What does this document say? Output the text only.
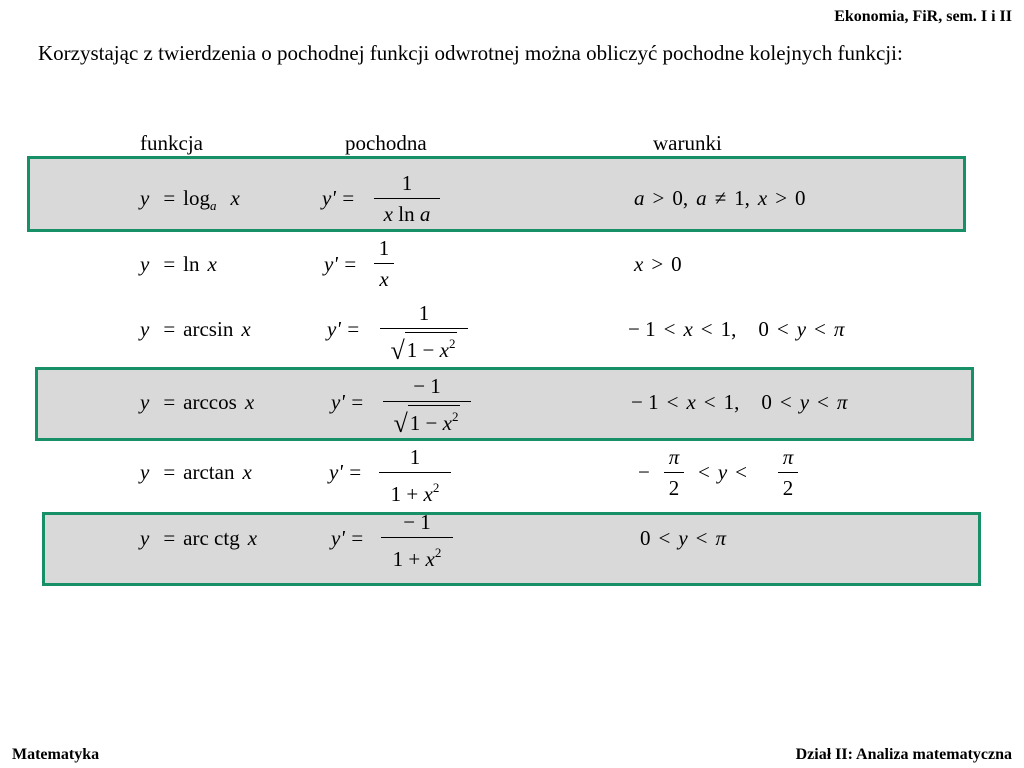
Ekonomia, FiR, sem. I i II
Korzystając z twierdzenia o pochodnej funkcji odwrotnej można obliczyć pochodne kolejnych funkcji:
funkcja	pochodna	warunki
$y = \log_a x$	y' =
1
x ln a
a > 0, a ≠ 1, x > 0
y = ln x	y' =
1
x
x > 0
y = arcsin x	y' =
1
$√1 - x^2$
− 1 < x < 1, 0 < y < π
y = arccos x	y' =
− 1
$√1 - x^2$
− 1 < x < 1, 0 < y < π
y = arctan x	y' =
1
$1 + x^2$
−
π
2
< y <
π
2
y = arc ctg x	y' =
− 1
$1 + x^2$
0 < y < π
Matematyka	Dział II: Analiza matematyczna
